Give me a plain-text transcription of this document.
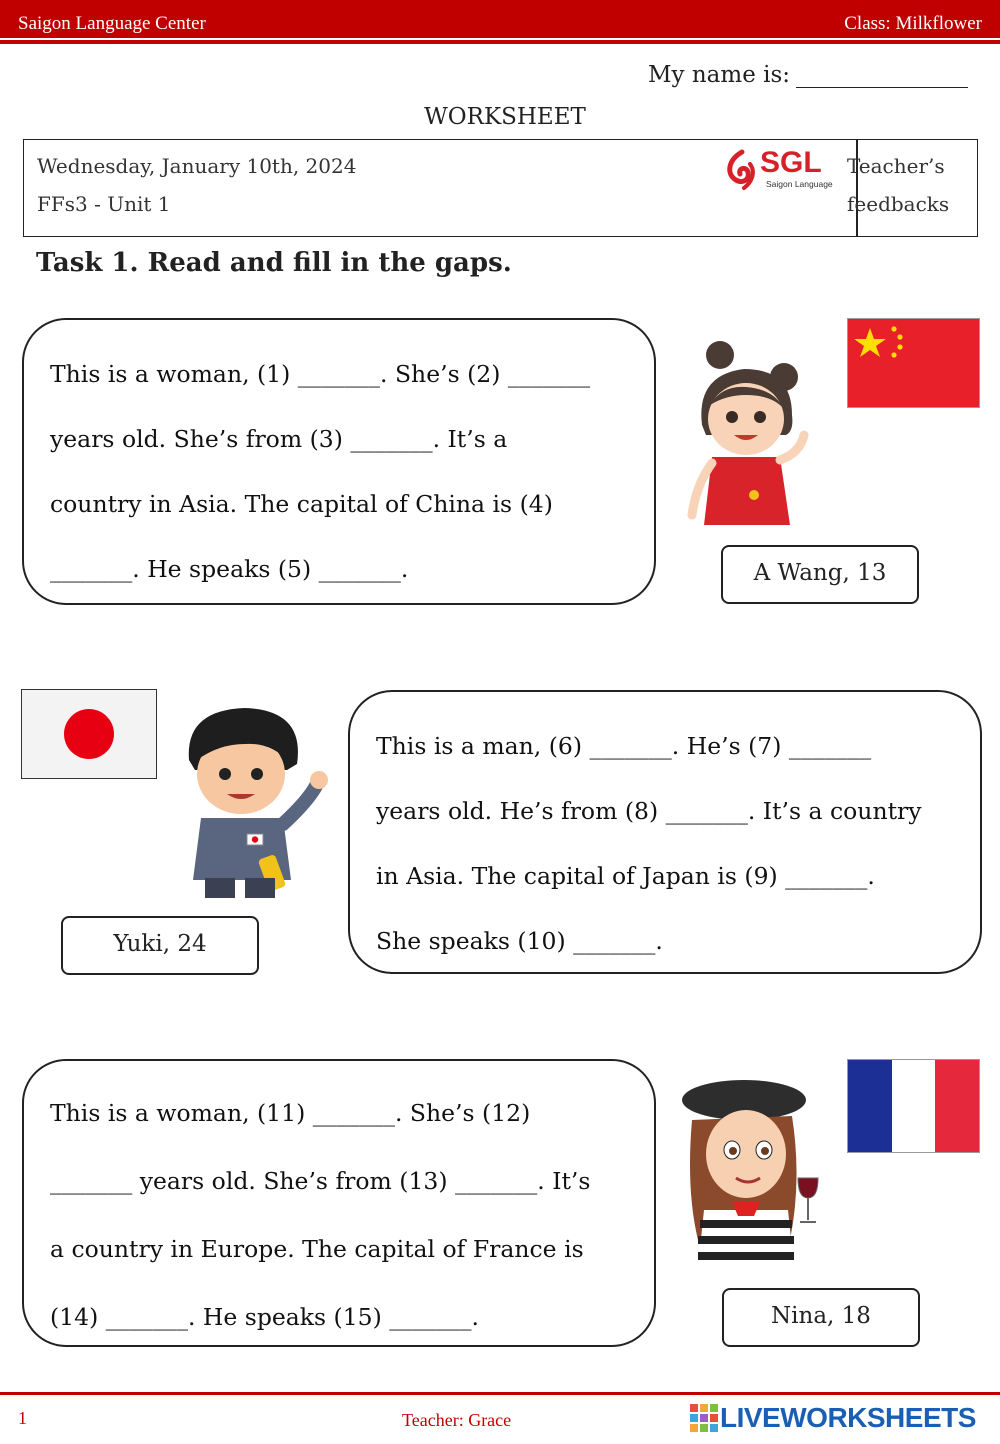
Saigon Language Center	Class: Milkflower
My name is:
WORKSHEET
Wednesday, January 10th, 2024
FFs3 - Unit 1
SGL
Saigon Language
Teacher’s
feedbacks
Task 1. Read and fill in the gaps.
This is a woman, (1) _______. She’s (2) _______
years old. She’s from (3) _______. It’s a
country in Asia. The capital of China is (4)
_______. He speaks (5) _______.	A Wang, 13
Yuki, 24
This is a man, (6) _______. He’s (7) _______
years old. He’s from (8) _______. It’s a country
in Asia. The capital of Japan is (9) _______.
She speaks (10) _______.
This is a woman, (11) _______. She’s (12)
_______ years old. She’s from (13) _______. It’s
a country in Europe. The capital of France is
(14) _______. He speaks (15) _______.	Nina, 18
1	Teacher: Grace	LIVEWORKSHEETS
